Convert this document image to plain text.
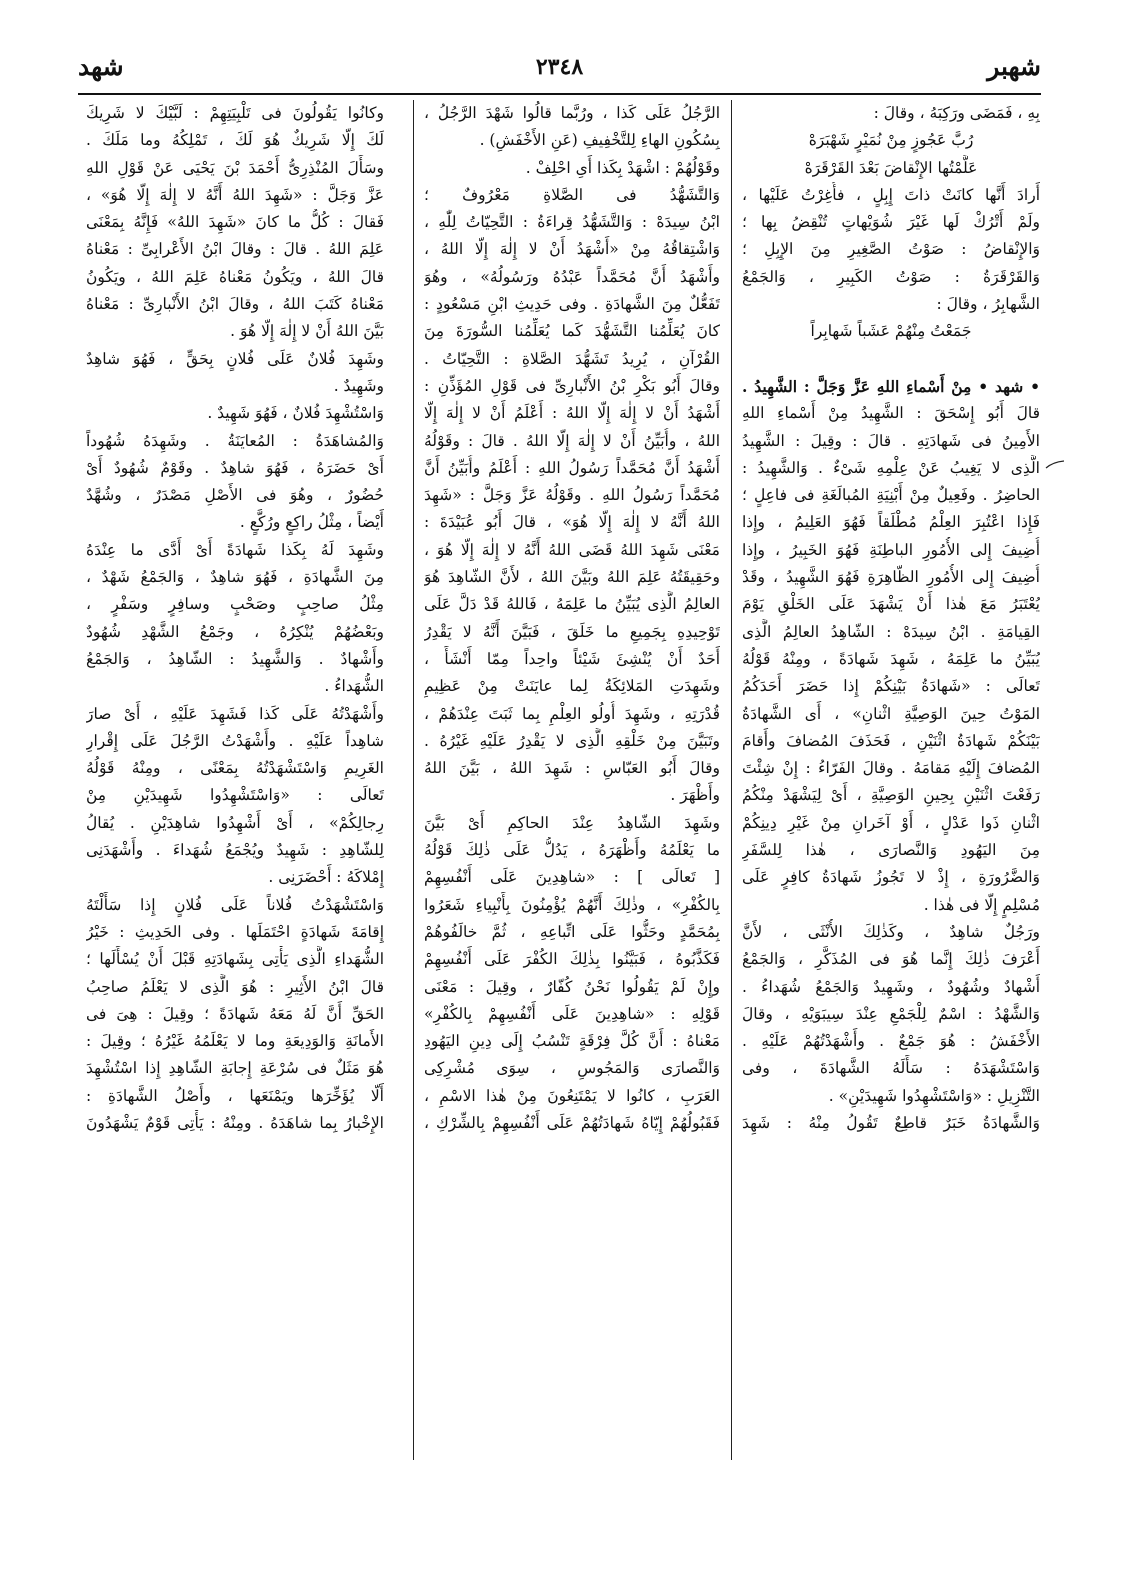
شهبر
٢٣٤٨
شهد
بِهِ ، فَمَضَى ورَكِبَهُ ، وقالَ :
رُبَّ عَجُوزٍ مِنْ نُمَيْرٍ شَهْبَرَهْ
عَلَّمْتُها الإِنْقاضَ بَعْدَ القَرْقَرَهْ
أَرادَ أَنَّها كانَتْ ذاتَ إِبِلٍ ، فأُغِرْتُ عَلَيْها ،
ولَمْ أَتْرُكْ لَها غَيْرَ شُوَيْهاتٍ تُنْقِضُ بِها ؛
وَالإِنْقاضُ : صَوْتُ الصَّغِيرِ مِنَ الإِبِلِ ؛
وَالقَرْقَرَةُ : صَوْتُ الكَبِيرِ ، وَالجَمْعُ
الشَّهابِرُ ، وقالَ :
جَمَعْتُ مِنْهُمْ عَشَباً شَهابِراً
• شهد • مِنْ أَسْماءِ اللهِ عَزَّ وَجَلَّ : الشَّهِيدُ .
قالَ أَبُو إِسْحَقَ : الشَّهِيدُ مِنْ أَسْماءِ اللهِ
الأَمِينُ فى شَهادَتِهِ . قالَ : وقِيلَ : الشَّهِيدُ
الَّذِى لا يَغِيبُ عَنْ عِلْمِهِ شَىْءٌ . وَالشَّهِيدُ :
الحاضِرُ . وفَعِيلٌ مِنْ أَبْنِيَةِ المُبالَغَةِ فى فاعِلٍ ؛
فَإِذا اعْتُبِرَ العِلْمُ مُطْلَقاً فَهُوَ العَلِيمُ ، وإِذا
أُضِيفَ إِلى الأُمُورِ الباطِنَةِ فَهُوَ الخَبِيرُ ، وإِذا
أُضِيفَ إِلى الأُمُورِ الظّاهِرَةِ فَهُوَ الشَّهِيدُ ، وقَدْ
يُعْتَبَرُ مَعَ هٰذا أَنْ يَشْهَدَ عَلَى الخَلْقِ يَوْمَ
القِيامَةِ . ابْنُ سِيدَهْ : الشّاهِدُ العالِمُ الَّذِى
يُبَيِّنُ ما عَلِمَهُ ، شَهِدَ شَهادَةً ، ومِنْهُ قَوْلُهُ
تَعالَى : «شَهادَةُ بَيْنِكُمْ إِذا حَضَرَ أَحَدَكُمُ
المَوْتُ حِينَ الوَصِيَّةِ اثْنانِ» ، أَى الشَّهادَةُ
بَيْنَكُمْ شَهادَةُ اثْنَيْنِ ، فَحَذَفَ المُضافَ وأَقامَ
المُضافَ إِلَيْهِ مَقامَهُ . وقالَ الفَرّاءُ : إِنْ شِئْتَ
رَفَعْتَ اثْنَيْنِ بِحِينِ الوَصِيَّةِ ، أَىْ لِيَشْهَدْ مِنْكُمُ
اثْنانِ ذَوا عَدْلٍ ، أَوْ آخَرانِ مِنْ غَيْرِ دِينِكُمْ
مِنَ اليَهُودِ وَالنَّصارَى ، هٰذا لِلسَّفَرِ
وَالضَّرُورَةِ ، إِذْ لا تَجُوزُ شَهادَةُ كافِرٍ عَلَى
مُسْلِمٍ إِلّا فى هٰذا .
ورَجُلٌ شاهِدٌ ، وكَذٰلِكَ الأُنْثَى ، لأَنَّ
أَعْرَفَ ذٰلِكَ إِنَّما هُوَ فى المُذَكَّرِ ، وَالجَمْعُ
أَشْهادٌ وشُهُودٌ ، وشَهِيدٌ وَالجَمْعُ شُهَداءُ .
وَالشَّهْدُ : اسْمٌ لِلْجَمْعِ عِنْدَ سِيبَوَيْهِ ، وقالَ
الأَخْفَشُ : هُوَ جَمْعٌ . وأَشْهَدْتُهُمْ عَلَيْهِ .
وَاسْتَشْهَدَهُ : سَأَلَهُ الشَّهادَةَ ، وفى
التَّنْزِيلِ : «وَاسْتَشْهِدُوا شَهِيدَيْنِ» .
وَالشَّهادَةُ خَبَرٌ قاطِعٌ تَقُولُ مِنْهُ : شَهِدَ
الرَّجُلُ عَلَى كَذا ، ورُبَّما قالُوا شَهْدَ الرَّجُلُ ،
بِسُكُونِ الهاءِ لِلتَّخْفِيفِ (عَنِ الأَخْفَشِ) .
وقَوْلُهُمْ : اشْهَدْ بِكَذا أَىِ احْلِفْ .
وَالتَّشَهُّدُ فى الصَّلاةِ مَعْرُوفٌ ؛
ابْنُ سِيدَهْ : وَالتَّشَهُّدُ قِراءَةُ : التَّحِيّاتُ لِلّٰهِ ،
وَاشْتِقاقُهُ مِنْ «أَشْهَدُ أَنْ لا إِلٰهَ إِلّا اللهُ ،
وأَشْهَدُ أَنَّ مُحَمَّداً عَبْدُهُ ورَسُولُهُ» ، وهُوَ
تَفَعُّلٌ مِنَ الشَّهادَةِ . وفى حَدِيثِ ابْنِ مَسْعُودٍ :
كانَ يُعَلِّمُنا التَّشَهُّدَ كَما يُعَلِّمُنا السُّورَةَ مِنَ
القُرْآنِ ، يُرِيدُ تَشَهُّدَ الصَّلاةِ : التَّحِيّاتُ .
وقالَ أَبُو بَكْرِ بْنُ الأَنْبارِىِّ فى قَوْلِ المُؤَذِّنِ :
أَشْهَدُ أَنْ لا إِلٰهَ إِلّا اللهُ : أَعْلَمُ أَنْ لا إِلٰهَ إِلّا
اللهُ ، وأُبَيِّنُ أَنْ لا إِلٰهَ إِلّا اللهُ . قالَ : وقَوْلُهُ
أَشْهَدُ أَنَّ مُحَمَّداً رَسُولُ اللهِ : أَعْلَمُ وأُبَيِّنُ أَنَّ
مُحَمَّداً رَسُولُ اللهِ . وقَوْلُهُ عَزَّ وَجَلَّ : «شَهِدَ
اللهُ أَنَّهُ لا إِلٰهَ إِلّا هُوَ» ، قالَ أَبُو عُبَيْدَةَ :
مَعْنَى شَهِدَ اللهُ قَضَى اللهُ أَنَّهُ لا إِلٰهَ إِلّا هُوَ ،
وحَقِيقَتُهُ عَلِمَ اللهُ وبَيَّنَ اللهُ ، لأَنَّ الشّاهِدَ هُوَ
العالِمُ الَّذِى يُبَيِّنُ ما عَلِمَهُ ، فَاللهُ قَدْ دَلَّ عَلَى
تَوْحِيدِهِ بِجَمِيعِ ما خَلَقَ ، فَبَيَّنَ أَنَّهُ لا يَقْدِرُ
أَحَدٌ أَنْ يُنْشِئَ شَيْئاً واحِداً مِمّا أَنْشَأَ ،
وشَهِدَتِ المَلائِكَةُ لِما عايَنَتْ مِنْ عَظِيمِ
قُدْرَتِهِ ، وشَهِدَ أُولُو العِلْمِ بِما ثَبَتَ عِنْدَهُمْ ،
وتَبَيَّنَ مِنْ خَلْقِهِ الَّذِى لا يَقْدِرُ عَلَيْهِ غَيْرُهُ .
وقالَ أَبُو العَبّاسِ : شَهِدَ اللهُ ، بَيَّنَ اللهُ
وأَظْهَرَ .
وشَهِدَ الشّاهِدُ عِنْدَ الحاكِمِ أَىْ بَيَّنَ
ما يَعْلَمُهُ وأَظْهَرَهُ ، يَدُلُّ عَلَى ذٰلِكَ قَوْلُهُ
[ تَعالَى ] : «شاهِدِينَ عَلَى أَنْفُسِهِمْ
بِالكُفْرِ» ، وذٰلِكَ أَنَّهُمْ يُؤْمِنُونَ بِأَنْبِياءِ شَعَرُوا
بِمُحَمَّدٍ وحَثُّوا عَلَى اتِّباعِهِ ، ثُمَّ خالَفُوهُمْ
فَكَذَّبُوهُ ، فَبَيَّنُوا بِذٰلِكَ الكُفْرَ عَلَى أَنْفُسِهِمْ
وإِنْ لَمْ يَقُولُوا نَحْنُ كُفّارٌ ، وقِيلَ : مَعْنَى
قَوْلِهِ : «شاهِدِينَ عَلَى أَنْفُسِهِمْ بِالكُفْرِ»
مَعْناهُ : أَنَّ كُلَّ فِرْقَةٍ تَنْسُبُ إِلَى دِينِ اليَهُودِ
وَالنَّصارَى وَالمَجُوسِ ، سِوَى مُشْرِكِى
العَرَبِ ، كانُوا لا يَمْتَنِعُونَ مِنْ هٰذا الاسْمِ ،
فَقَبُولُهُمْ إِيّاهُ شَهادَتُهُمْ عَلَى أَنْفُسِهِمْ بِالشِّرْكِ ،
وكانُوا يَقُولُونَ فى تَلْبِيَتِهِمْ : لَبَّيْكَ لا شَرِيكَ
لَكَ إِلّا شَرِيكٌ هُوَ لَكَ ، تَمْلِكُهُ وما مَلَكَ .
وسَأَلَ المُنْذِرِىُّ أَحْمَدَ بْنَ يَحْيَى عَنْ قَوْلِ اللهِ
عَزَّ وَجَلَّ : «شَهِدَ اللهُ أَنَّهُ لا إِلٰهَ إِلّا هُوَ» ،
فَقالَ : كُلُّ ما كانَ «شَهِدَ اللهُ» فَإِنَّهُ بِمَعْنَى
عَلِمَ اللهُ . قالَ : وقالَ ابْنُ الأَعْرابِىِّ : مَعْناهُ
قالَ اللهُ ، ويَكُونُ مَعْناهُ عَلِمَ اللهُ ، ويَكُونُ
مَعْناهُ كَتَبَ اللهُ ، وقالَ ابْنُ الأَنْبارِىِّ : مَعْناهُ
بَيَّنَ اللهُ أَنْ لا إِلٰهَ إِلّا هُوَ .
وشَهِدَ فُلانٌ عَلَى فُلانٍ بِحَقٍّ ، فَهُوَ شاهِدٌ
وشَهِيدٌ .
وَاسْتُشْهِدَ فُلانٌ ، فَهُوَ شَهِيدٌ .
وَالمُشاهَدَةُ : المُعايَنَةُ . وشَهِدَهُ شُهُوداً
أَىْ حَضَرَهُ ، فَهُوَ شاهِدٌ . وقَوْمٌ شُهُودٌ أَىْ
حُضُورٌ ، وهُوَ فى الأَصْلِ مَصْدَرٌ ، وشُهَّدٌ
أَيْضاً ، مِثْلُ راكِعٍ ورُكَّعٍ .
وشَهِدَ لَهُ بِكَذا شَهادَةً أَىْ أَدَّى ما عِنْدَهُ
مِنَ الشَّهادَةِ ، فَهُوَ شاهِدٌ ، وَالجَمْعُ شَهْدٌ ،
مِثْلُ صاحِبٍ وصَحْبٍ وسافِرٍ وسَفْرٍ ،
وبَعْضُهُمْ يُنْكِرُهُ ، وجَمْعُ الشَّهْدِ شُهُودٌ
وأَشْهادٌ . وَالشَّهِيدُ : الشّاهِدُ ، وَالجَمْعُ
الشُّهَداءُ .
وأَشْهَدْتُهُ عَلَى كَذا فَشَهِدَ عَلَيْهِ ، أَىْ صارَ
شاهِداً عَلَيْهِ . وأَشْهَدْتُ الرَّجُلَ عَلَى إِقْرارِ
الغَرِيمِ وَاسْتَشْهَدْتُهُ بِمَعْنًى ، ومِنْهُ قَوْلُهُ
تَعالَى : «وَاسْتَشْهِدُوا شَهِيدَيْنِ مِنْ
رِجالِكُمْ» ، أَىْ أَشْهِدُوا شاهِدَيْنِ . يُقالُ
لِلشّاهِدِ : شَهِيدٌ ويُجْمَعُ شُهَداءَ . وأَشْهَدَنِى
إِمْلاكَهُ : أَحْضَرَنِى .
وَاسْتَشْهَدْتُ فُلاناً عَلَى فُلانٍ إِذا سَأَلْتَهُ
إِقامَةَ شَهادَةٍ احْتَمَلَها . وفى الحَدِيثِ : خَيْرُ
الشُّهَداءِ الَّذِى يَأْتِى بِشَهادَتِهِ قَبْلَ أَنْ يُسْأَلَها ؛
قالَ ابْنُ الأَثِيرِ : هُوَ الَّذِى لا يَعْلَمُ صاحِبُ
الحَقِّ أَنَّ لَهُ مَعَهُ شَهادَةً ؛ وقِيلَ : هِىَ فى
الأَمانَةِ وَالوَدِيعَةِ وما لا يَعْلَمُهُ غَيْرُهُ ؛ وقِيلَ :
هُوَ مَثَلٌ فى سُرْعَةِ إِجابَةِ الشّاهِدِ إِذا اسْتُشْهِدَ
أَلّا يُؤَخِّرَها ويَمْنَعَها ، وأَصْلُ الشَّهادَةِ :
الإِخْبارُ بِما شاهَدَهُ . ومِنْهُ : يَأْتِى قَوْمٌ يَشْهَدُونَ
